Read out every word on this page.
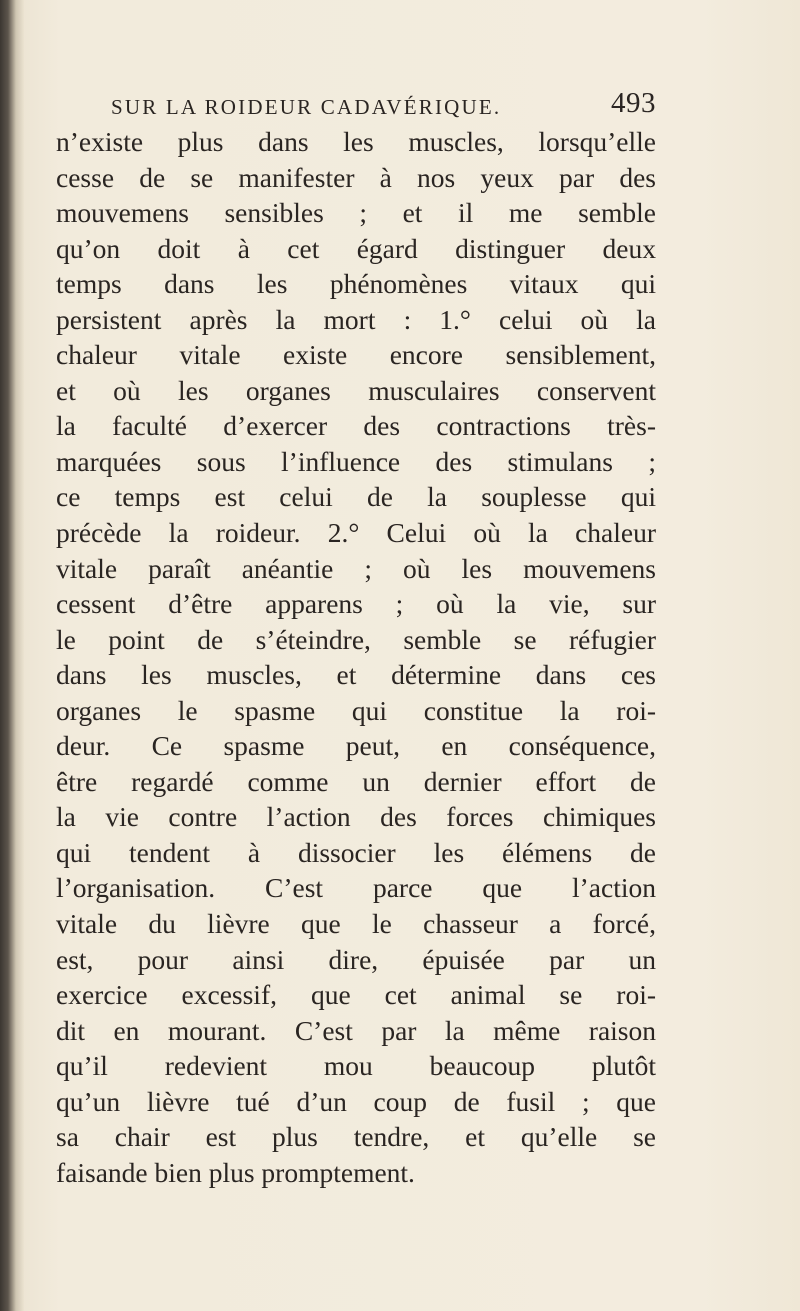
SUR LA ROIDEUR CADAVÉRIQUE.	493
n’existe plus dans les muscles, lorsqu’elle
cesse de se manifester à nos yeux par des
mouvemens sensibles ; et il me semble
qu’on doit à cet égard distinguer deux
temps dans les phénomènes vitaux qui
persistent après la mort : 1.° celui où la
chaleur vitale existe encore sensiblement,
et où les organes musculaires conservent
la faculté d’exercer des contractions très-
marquées sous l’influence des stimulans ;
ce temps est celui de la souplesse qui
précède la roideur. 2.° Celui où la chaleur
vitale paraît anéantie ; où les mouvemens
cessent d’être apparens ; où la vie, sur
le point de s’éteindre, semble se réfugier
dans les muscles, et détermine dans ces
organes le spasme qui constitue la roi-
deur. Ce spasme peut, en conséquence,
être regardé comme un dernier effort de
la vie contre l’action des forces chimiques
qui tendent à dissocier les élémens de
l’organisation. C’est parce que l’action
vitale du lièvre que le chasseur a forcé,
est, pour ainsi dire, épuisée par un
exercice excessif, que cet animal se roi-
dit en mourant. C’est par la même raison
qu’il redevient mou beaucoup plutôt
qu’un lièvre tué d’un coup de fusil ; que
sa chair est plus tendre, et qu’elle se
faisande bien plus promptement.
